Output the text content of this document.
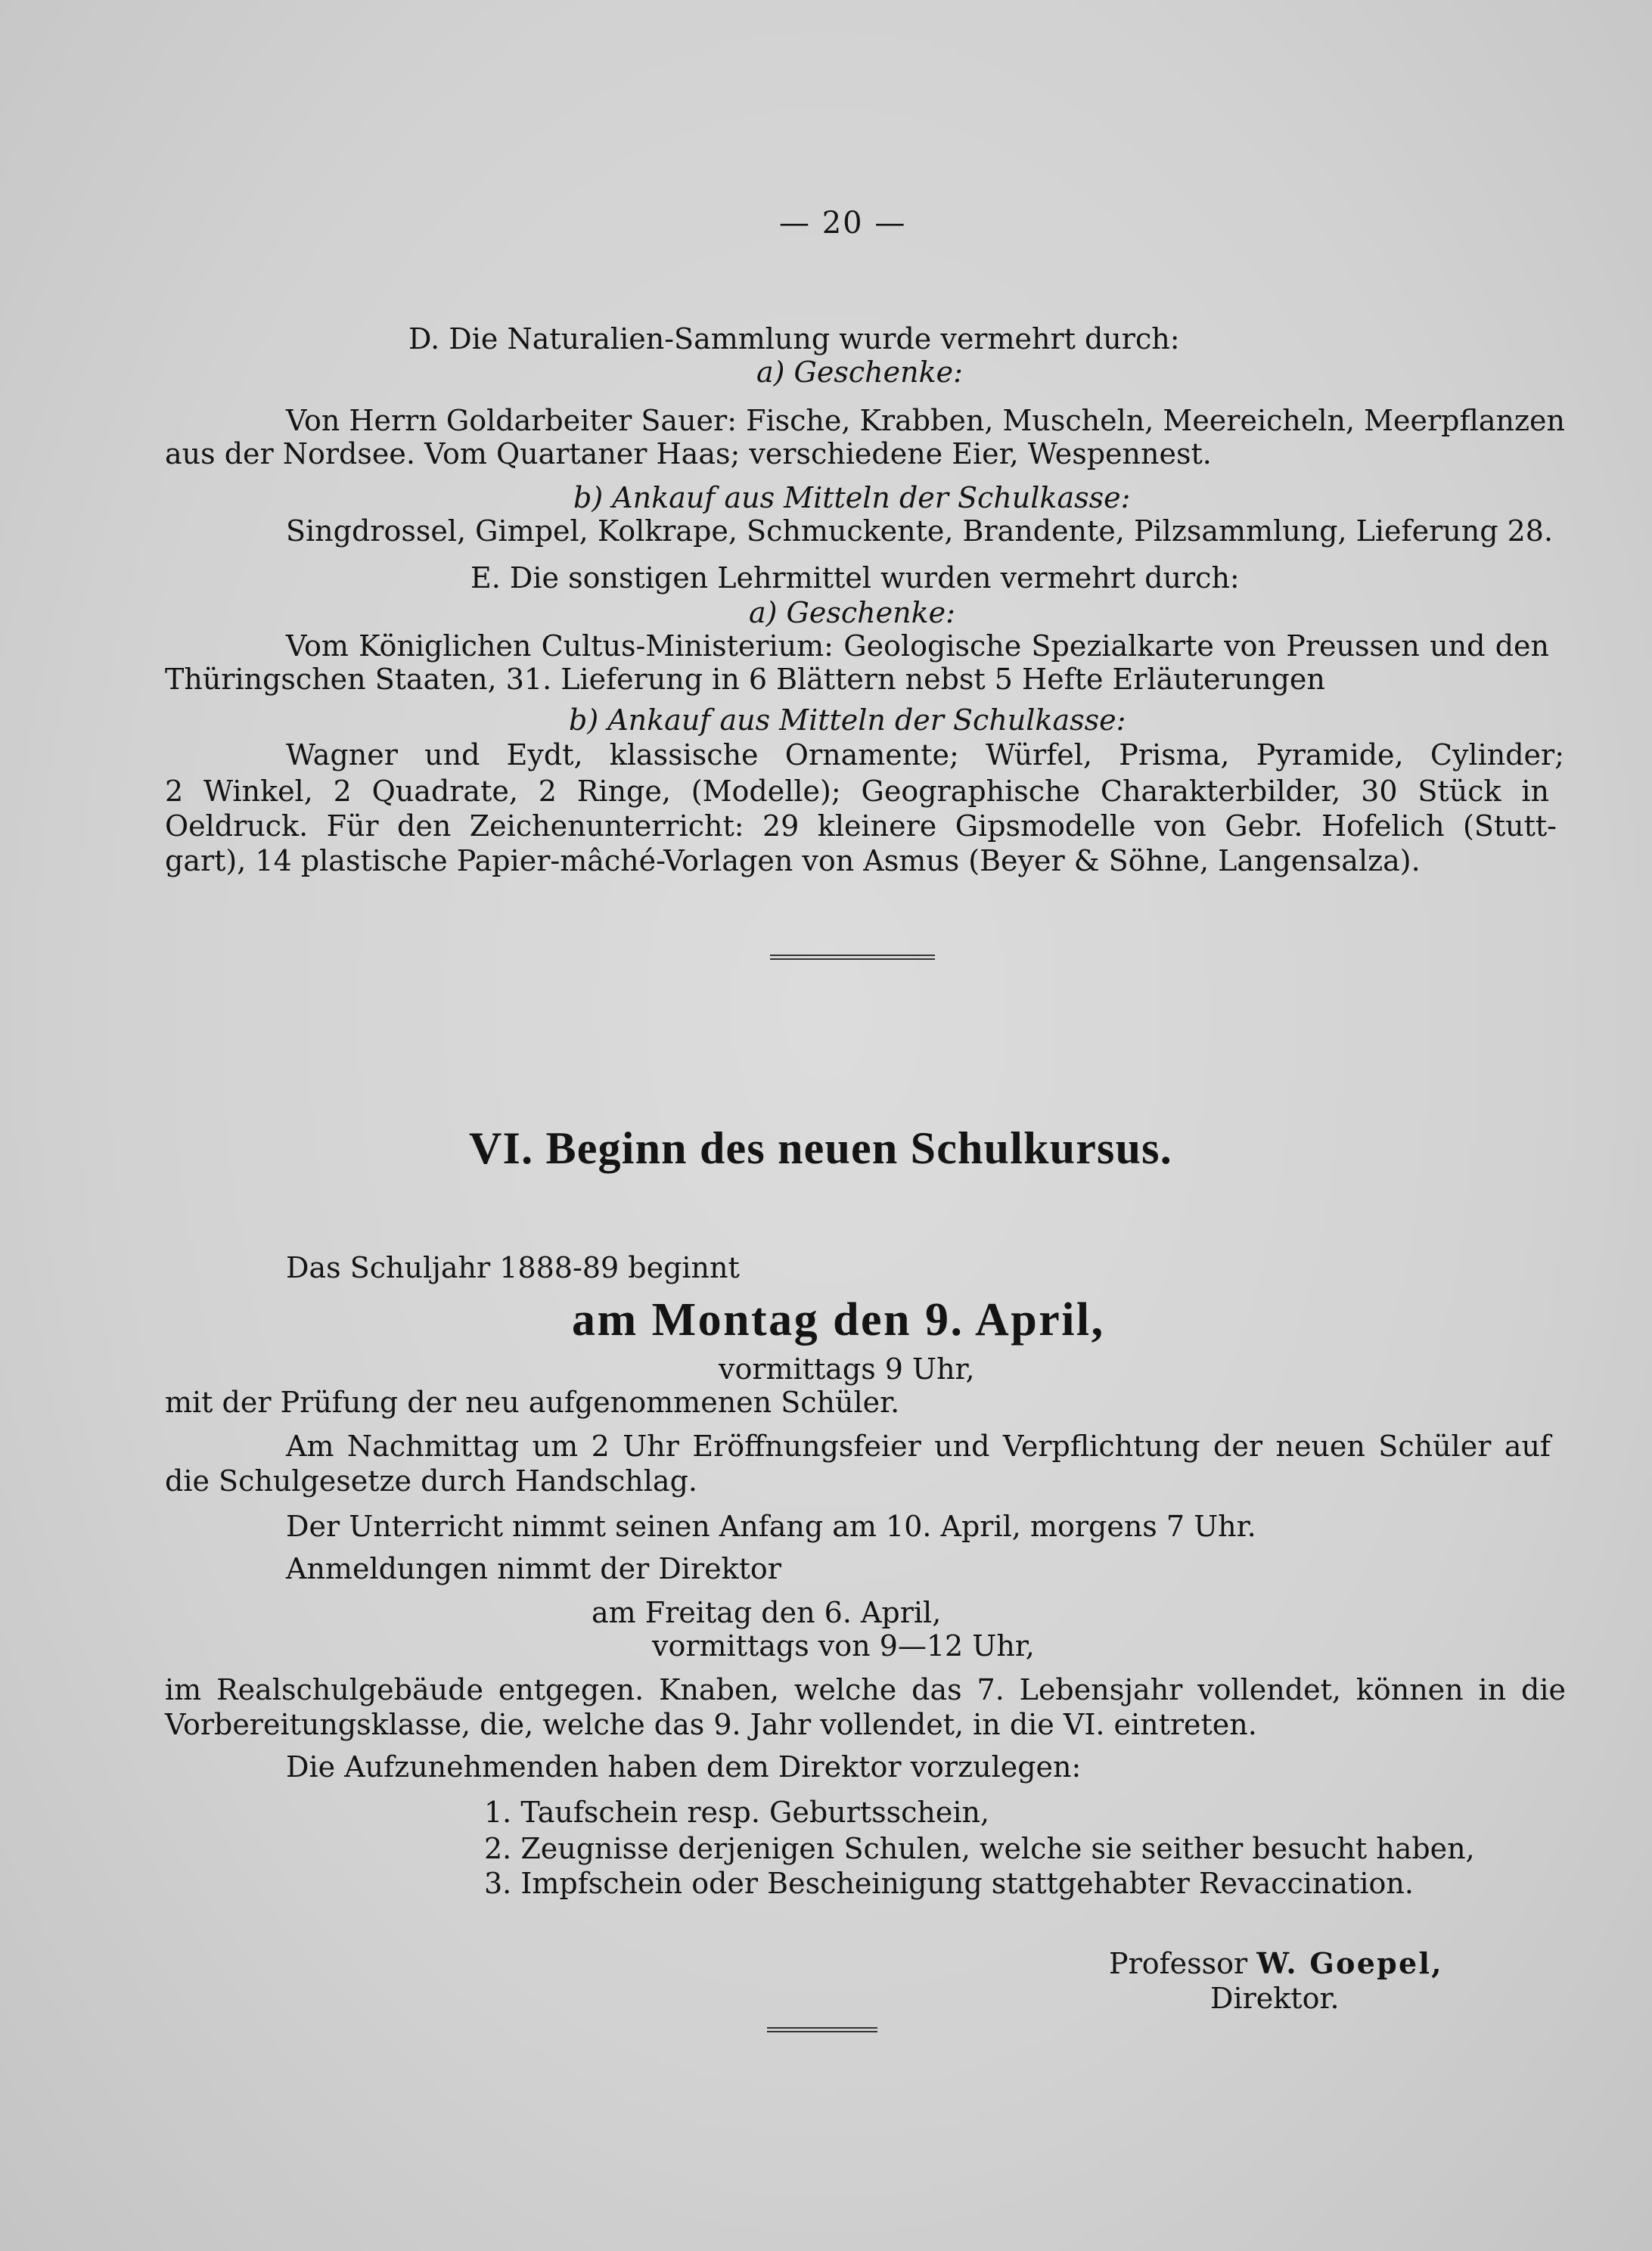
— 20 —
D. Die Naturalien-Sammlung wurde vermehrt durch:
a) Geschenke:
Von Herrn Goldarbeiter Sauer: Fische, Krabben, Muscheln, Meereicheln, Meerpflanzen
aus der Nordsee. Vom Quartaner Haas; verschiedene Eier, Wespennest.
b) Ankauf aus Mitteln der Schulkasse:
Singdrossel, Gimpel, Kolkrape, Schmuckente, Brandente, Pilzsammlung, Lieferung 28.
E. Die sonstigen Lehrmittel wurden vermehrt durch:
a) Geschenke:
Vom Königlichen Cultus-Ministerium: Geologische Spezialkarte von Preussen und den
Thüringschen Staaten, 31. Lieferung in 6 Blättern nebst 5 Hefte Erläuterungen
b) Ankauf aus Mitteln der Schulkasse:
Wagner und Eydt, klassische Ornamente; Würfel, Prisma, Pyramide, Cylinder;
2 Winkel, 2 Quadrate, 2 Ringe, (Modelle); Geographische Charakterbilder, 30 Stück in
Oeldruck. Für den Zeichenunterricht: 29 kleinere Gipsmodelle von Gebr. Hofelich (Stutt-
gart), 14 plastische Papier-mâché-Vorlagen von Asmus (Beyer & Söhne, Langensalza).
VI. Beginn des neuen Schulkursus.
Das Schuljahr 1888-89 beginnt
am Montag den 9. April,
vormittags 9 Uhr,
mit der Prüfung der neu aufgenommenen Schüler.
Am Nachmittag um 2 Uhr Eröffnungsfeier und Verpflichtung der neuen Schüler auf
die Schulgesetze durch Handschlag.
Der Unterricht nimmt seinen Anfang am 10. April, morgens 7 Uhr.
Anmeldungen nimmt der Direktor
am Freitag den 6. April,
vormittags von 9—12 Uhr,
im Realschulgebäude entgegen. Knaben, welche das 7. Lebensjahr vollendet, können in die
Vorbereitungsklasse, die, welche das 9. Jahr vollendet, in die VI. eintreten.
Die Aufzunehmenden haben dem Direktor vorzulegen:
1. Taufschein resp. Geburtsschein,
2. Zeugnisse derjenigen Schulen, welche sie seither besucht haben,
3. Impfschein oder Bescheinigung stattgehabter Revaccination.
Professor W. Goepel,
Direktor.
